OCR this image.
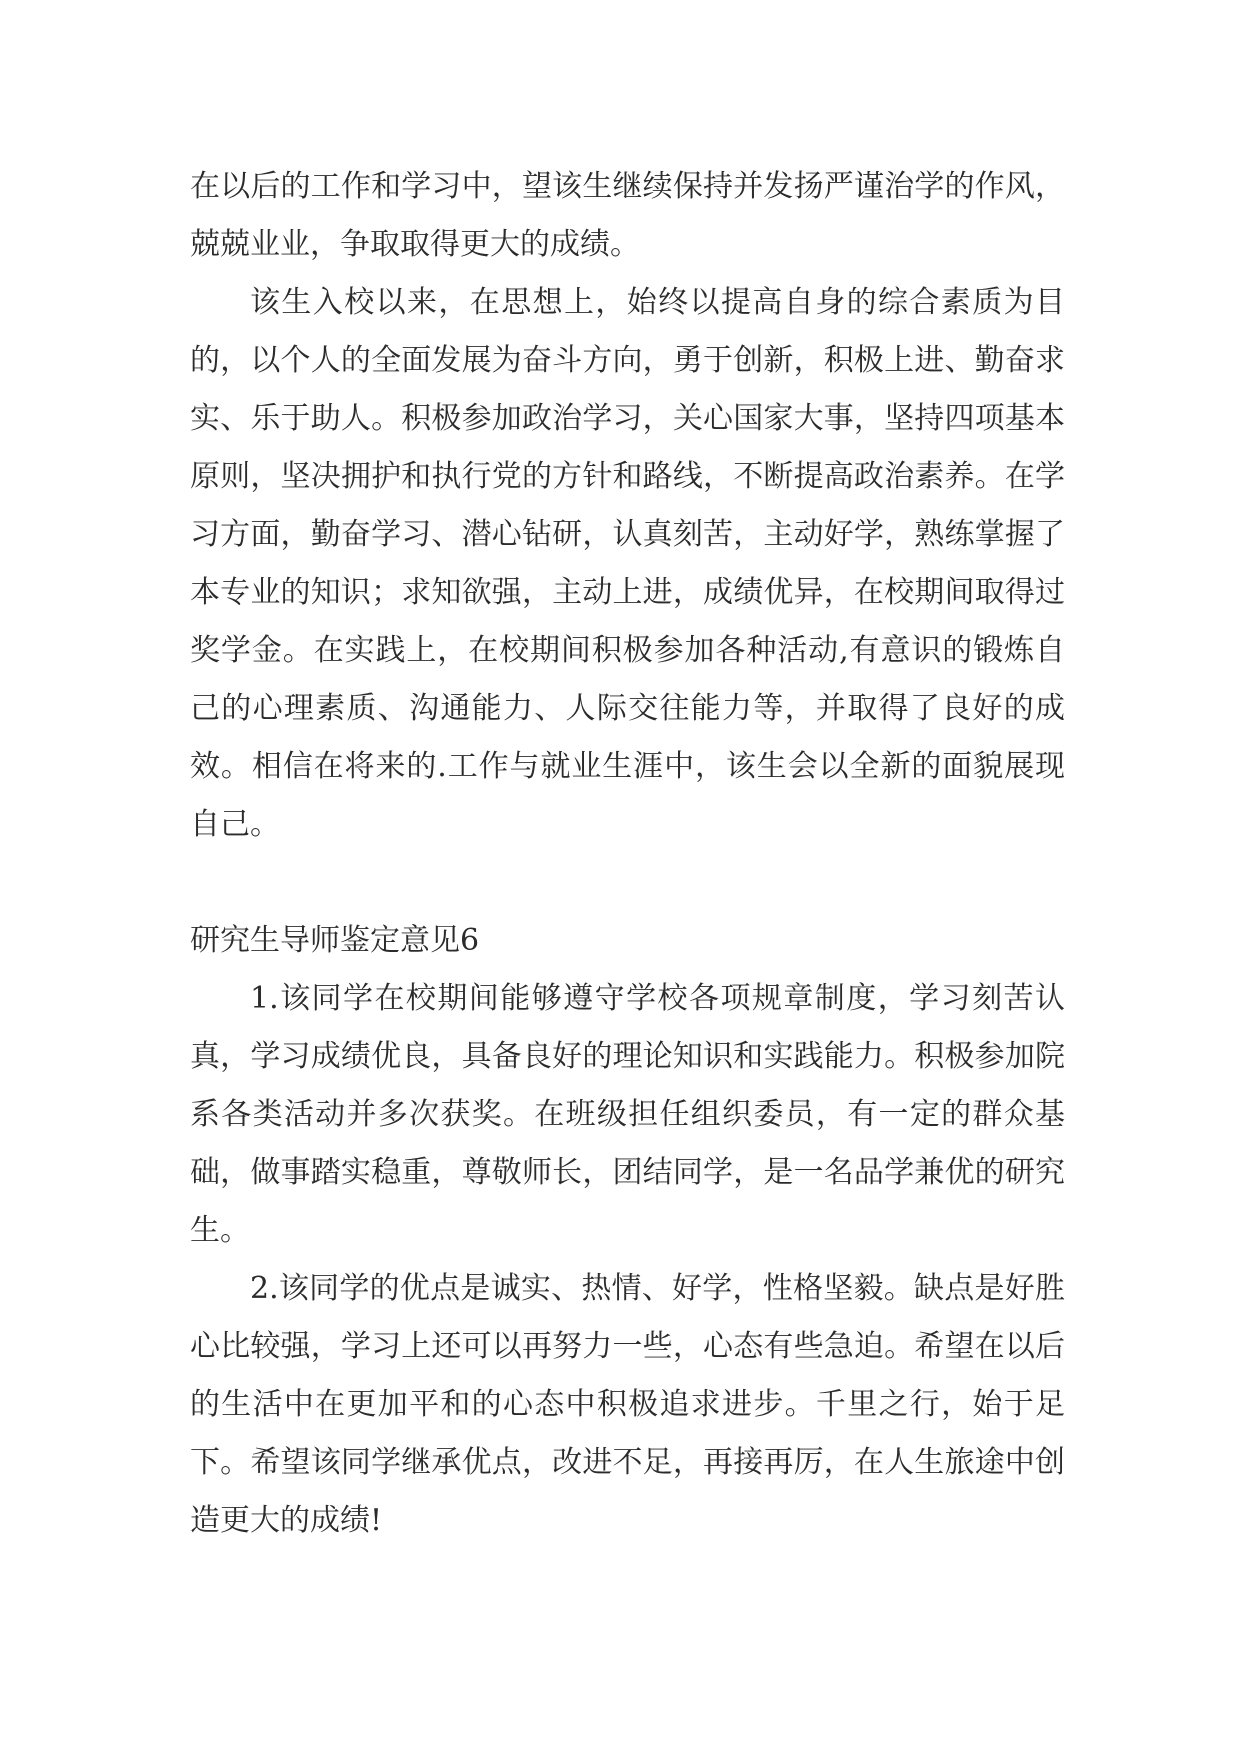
在以后的工作和学习中，望该生继续保持并发扬严谨治学的作风，兢兢业业，争取取得更大的成绩。

该生入校以来，在思想上，始终以提高自身的综合素质为目的，以个人的全面发展为奋斗方向，勇于创新，积极上进、勤奋求实、乐于助人。积极参加政治学习，关心国家大事，坚持四项基本原则，坚决拥护和执行党的方针和路线，不断提高政治素养。在学习方面，勤奋学习、潜心钻研，认真刻苦，主动好学，熟练掌握了本专业的知识；求知欲强，主动上进，成绩优异，在校期间取得过奖学金。在实践上，在校期间积极参加各种活动,有意识的锻炼自己的心理素质、沟通能力、人际交往能力等，并取得了良好的成效。相信在将来的.工作与就业生涯中，该生会以全新的面貌展现自己。

研究生导师鉴定意见6

1.该同学在校期间能够遵守学校各项规章制度，学习刻苦认真，学习成绩优良，具备良好的理论知识和实践能力。积极参加院系各类活动并多次获奖。在班级担任组织委员，有一定的群众基础，做事踏实稳重，尊敬师长，团结同学，是一名品学兼优的研究生。

2.该同学的优点是诚实、热情、好学，性格坚毅。缺点是好胜心比较强，学习上还可以再努力一些，心态有些急迫。希望在以后的生活中在更加平和的心态中积极追求进步。千里之行，始于足下。希望该同学继承优点，改进不足，再接再厉，在人生旅途中创造更大的成绩!
